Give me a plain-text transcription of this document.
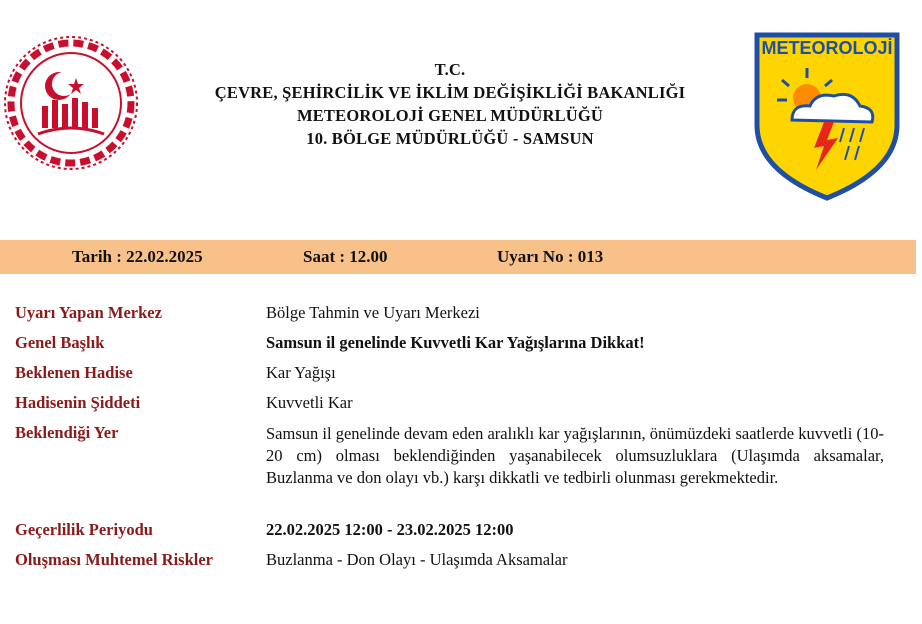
T.C.
ÇEVRE, ŞEHİRCİLİK VE İKLİM DEĞİŞİKLİĞİ BAKANLIĞI
METEOROLOJİ GENEL MÜDÜRLÜĞÜ
10. BÖLGE MÜDÜRLÜĞÜ - SAMSUN
METEOROLOJİ
Tarih : 22.02.2025	Saat : 12.00	Uyarı No : 013
Uyarı Yapan Merkez	Bölge Tahmin ve Uyarı Merkezi
Genel Başlık	Samsun il genelinde Kuvvetli Kar Yağışlarına Dikkat!
Beklenen Hadise	Kar Yağışı
Hadisenin Şiddeti	Kuvvetli Kar
Beklendiği Yer	Samsun il genelinde devam eden aralıklı kar yağışlarının, önümüzdeki saatlerde kuvvetli (10-20 cm) olması beklendiğinden yaşanabilecek olumsuzluklara (Ulaşımda aksamalar, Buzlanma ve don olayı vb.) karşı dikkatli ve tedbirli olunması gerekmektedir.
Geçerlilik Periyodu	22.02.2025 12:00 - 23.02.2025 12:00
Oluşması Muhtemel Riskler	Buzlanma - Don Olayı - Ulaşımda Aksamalar
